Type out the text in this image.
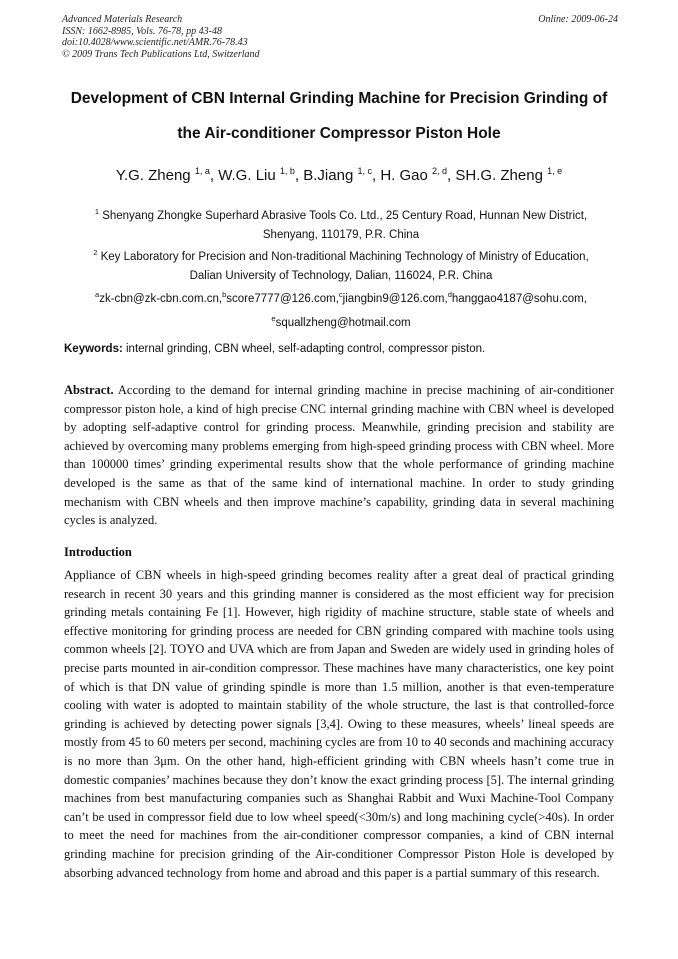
Advanced Materials Research
ISSN: 1662-8985, Vols. 76-78, pp 43-48
doi:10.4028/www.scientific.net/AMR.76-78.43
© 2009 Trans Tech Publications Ltd, Switzerland
Online: 2009-06-24
Development of CBN Internal Grinding Machine for Precision Grinding of
the Air-conditioner Compressor Piston Hole
Y.G. Zheng $^{1, a}$, W.G. Liu $^{1, b}$, B.Jiang $^{1, c}$, H. Gao $^{2, d}$, SH.G. Zheng $^{1, e}$
$^1$ Shenyang Zhongke Superhard Abrasive Tools Co. Ltd., 25 Century Road, Hunnan New District,
Shenyang, 110179, P.R. China
$^2$ Key Laboratory for Precision and Non-traditional Machining Technology of Ministry of Education,
Dalian University of Technology, Dalian, 116024, P.R. China
$^a$zk-cbn@zk-cbn.com.cn,$^b$score7777@126.com,$^c$jiangbin9@126.com,$^d$hanggao4187@sohu.com,
$^e$squallzheng@hotmail.com
Keywords: internal grinding, CBN wheel, self-adapting control, compressor piston.
Abstract. According to the demand for internal grinding machine in precise machining of air-conditioner compressor piston hole, a kind of high precise CNC internal grinding machine with CBN wheel is developed by adopting self-adaptive control for grinding process. Meanwhile, grinding precision and stability are achieved by overcoming many problems emerging from high-speed grinding process with CBN wheel. More than 100000 times’ grinding experimental results show that the whole performance of grinding machine developed is the same as that of the same kind of international machine. In order to study grinding mechanism with CBN wheels and then improve machine’s capability, grinding data in several machining cycles is analyzed.
Introduction
Appliance of CBN wheels in high-speed grinding becomes reality after a great deal of practical grinding research in recent 30 years and this grinding manner is considered as the most efficient way for precision grinding metals containing Fe [1]. However, high rigidity of machine structure, stable state of wheels and effective monitoring for grinding process are needed for CBN grinding compared with machine tools using common wheels [2]. TOYO and UVA which are from Japan and Sweden are widely used in grinding holes of precise parts mounted in air-condition compressor. These machines have many characteristics, one key point of which is that DN value of grinding spindle is more than 1.5 million, another is that even-temperature cooling with water is adopted to maintain stability of the whole structure, the last is that controlled-force grinding is achieved by detecting power signals [3,4]. Owing to these measures, wheels’ lineal speeds are mostly from 45 to 60 meters per second, machining cycles are from 10 to 40 seconds and machining accuracy is no more than 3μm. On the other hand, high-efficient grinding with CBN wheels hasn’t come true in domestic companies’ machines because they don’t know the exact grinding process [5]. The internal grinding machines from best manufacturing companies such as Shanghai Rabbit and Wuxi Machine-Tool Company can’t be used in compressor field due to low wheel speed(<30m/s) and long machining cycle(>40s). In order to meet the need for machines from the air-conditioner compressor companies, a kind of CBN internal grinding machine for precision grinding of the Air-conditioner Compressor Piston Hole is developed by absorbing advanced technology from home and abroad and this paper is a partial summary of this research.
